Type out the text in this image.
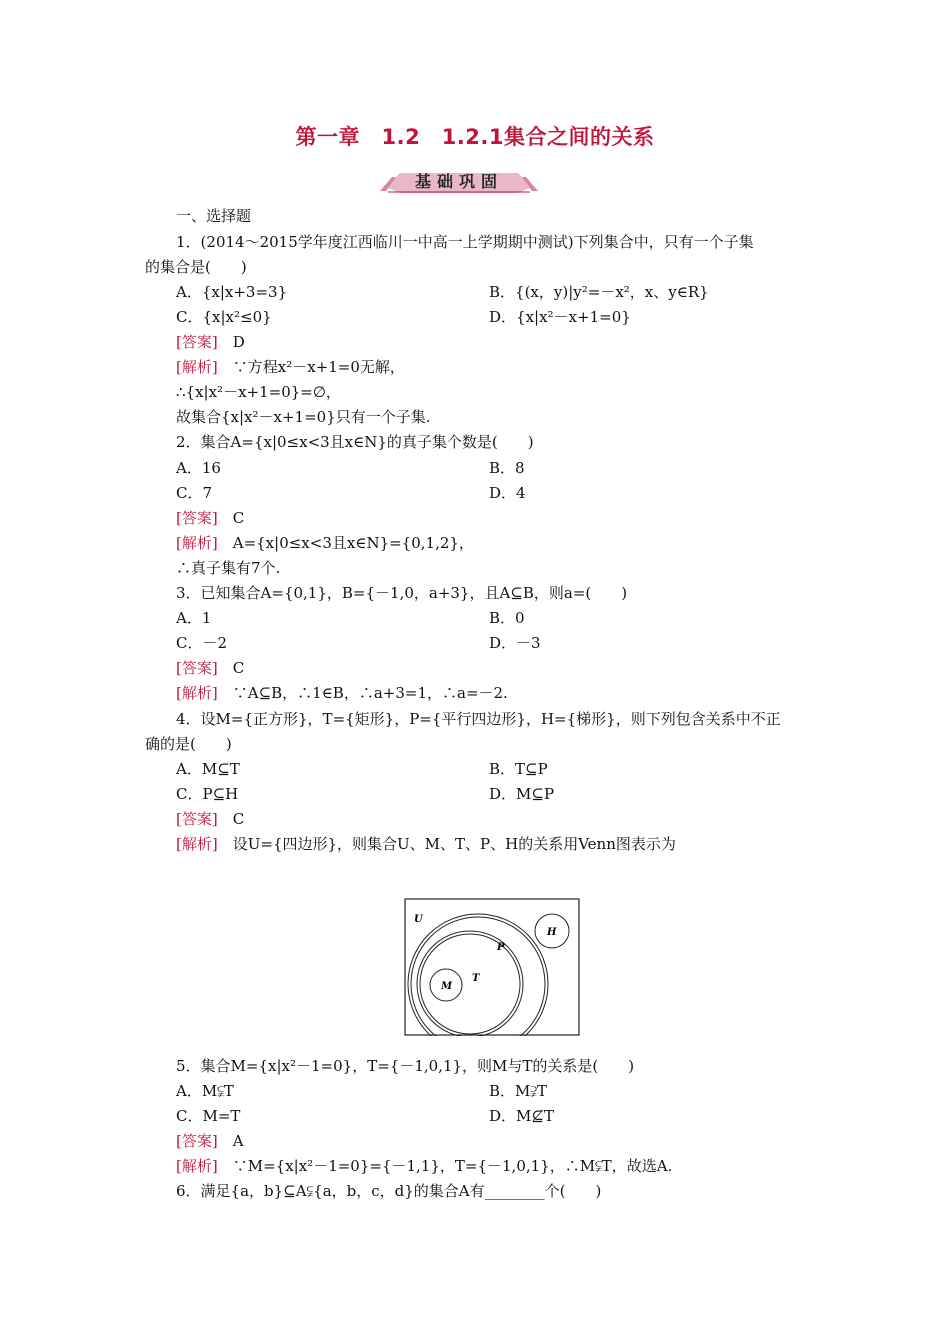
第一章　1.2　1.2.1集合之间的关系
基础巩固
一、选择题
1．(2014～2015学年度江西临川一中高一上学期期中测试)下列集合中，只有一个子集
的集合是(　　)
A．{x|x+3=3}	B．{(x，y)|y²=－x²，x、y∈R}
C．{x|x²≤0}	D．{x|x²－x+1=0}
[答案]　 D
[解析]　 ∵方程x²－x+1=0无解，
∴{x|x²－x+1=0}=∅，
故集合{x|x²－x+1=0}只有一个子集.
2．集合A={x|0≤x<3且x∈N}的真子集个数是(　　)
A．16	B．8
C．7	D．4
[答案]　 C
[解析]　 A={x|0≤x<3且x∈N}={0,1,2}，
∴真子集有7个.
3．已知集合A={0,1}，B={－1,0，a+3}，且A⊆B，则a=(　　)
A．1	B．0
C．－2	D．－3
[答案]　 C
[解析]　 ∵A⊆B，∴1∈B，∴a+3=1，∴a=－2.
4．设M={正方形}，T={矩形}，P={平行四边形}，H={梯形}，则下列包含关系中不正
确的是(　　)
A．M⊆T	B．T⊆P
C．P⊆H	D．M⊆P
[答案]　 C
[解析]　 设U={四边形}，则集合U、M、T、P、H的关系用Venn图表示为
U
P
T
M
H
5．集合M={x|x²－1=0}，T={－1,0,1}，则M与T的关系是(　　)
A．M⫋T	B．M⫌T
C．M=T	D．M⊈T
[答案]　 A
[解析]　 ∵M={x|x²－1=0}={－1,1}，T={－1,0,1}，∴M⫋T，故选A.
6．满足{a，b}⊆A⫋{a，b，c，d}的集合A有________个(　　)
